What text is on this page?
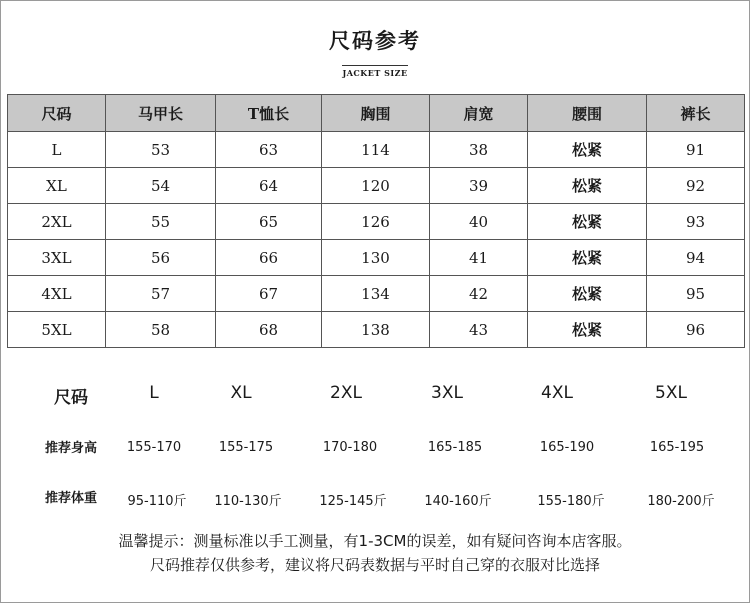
尺码参考
JACKET SIZE
尺码	马甲长	T恤长	胸围	肩宽	腰围	裤长
L	53	63	114	38	松紧	91
XL	54	64	120	39	松紧	92
2XL	55	65	126	40	松紧	93
3XL	56	66	130	41	松紧	94
4XL	57	67	134	42	松紧	95
5XL	58	68	138	43	松紧	96
尺码	L	XL	2XL	3XL	4XL	5XL
推荐身高 155-170	155-175	170-180	165-185	165-190	165-195
推荐体重 95-110斤 110-130斤	125-145斤	140-160斤	155-180斤	180-200斤
温馨提示：测量标准以手工测量，有1-3CM的误差，如有疑问咨询本店客服。
尺码推荐仅供参考，建议将尺码表数据与平时自己穿的衣服对比选择
